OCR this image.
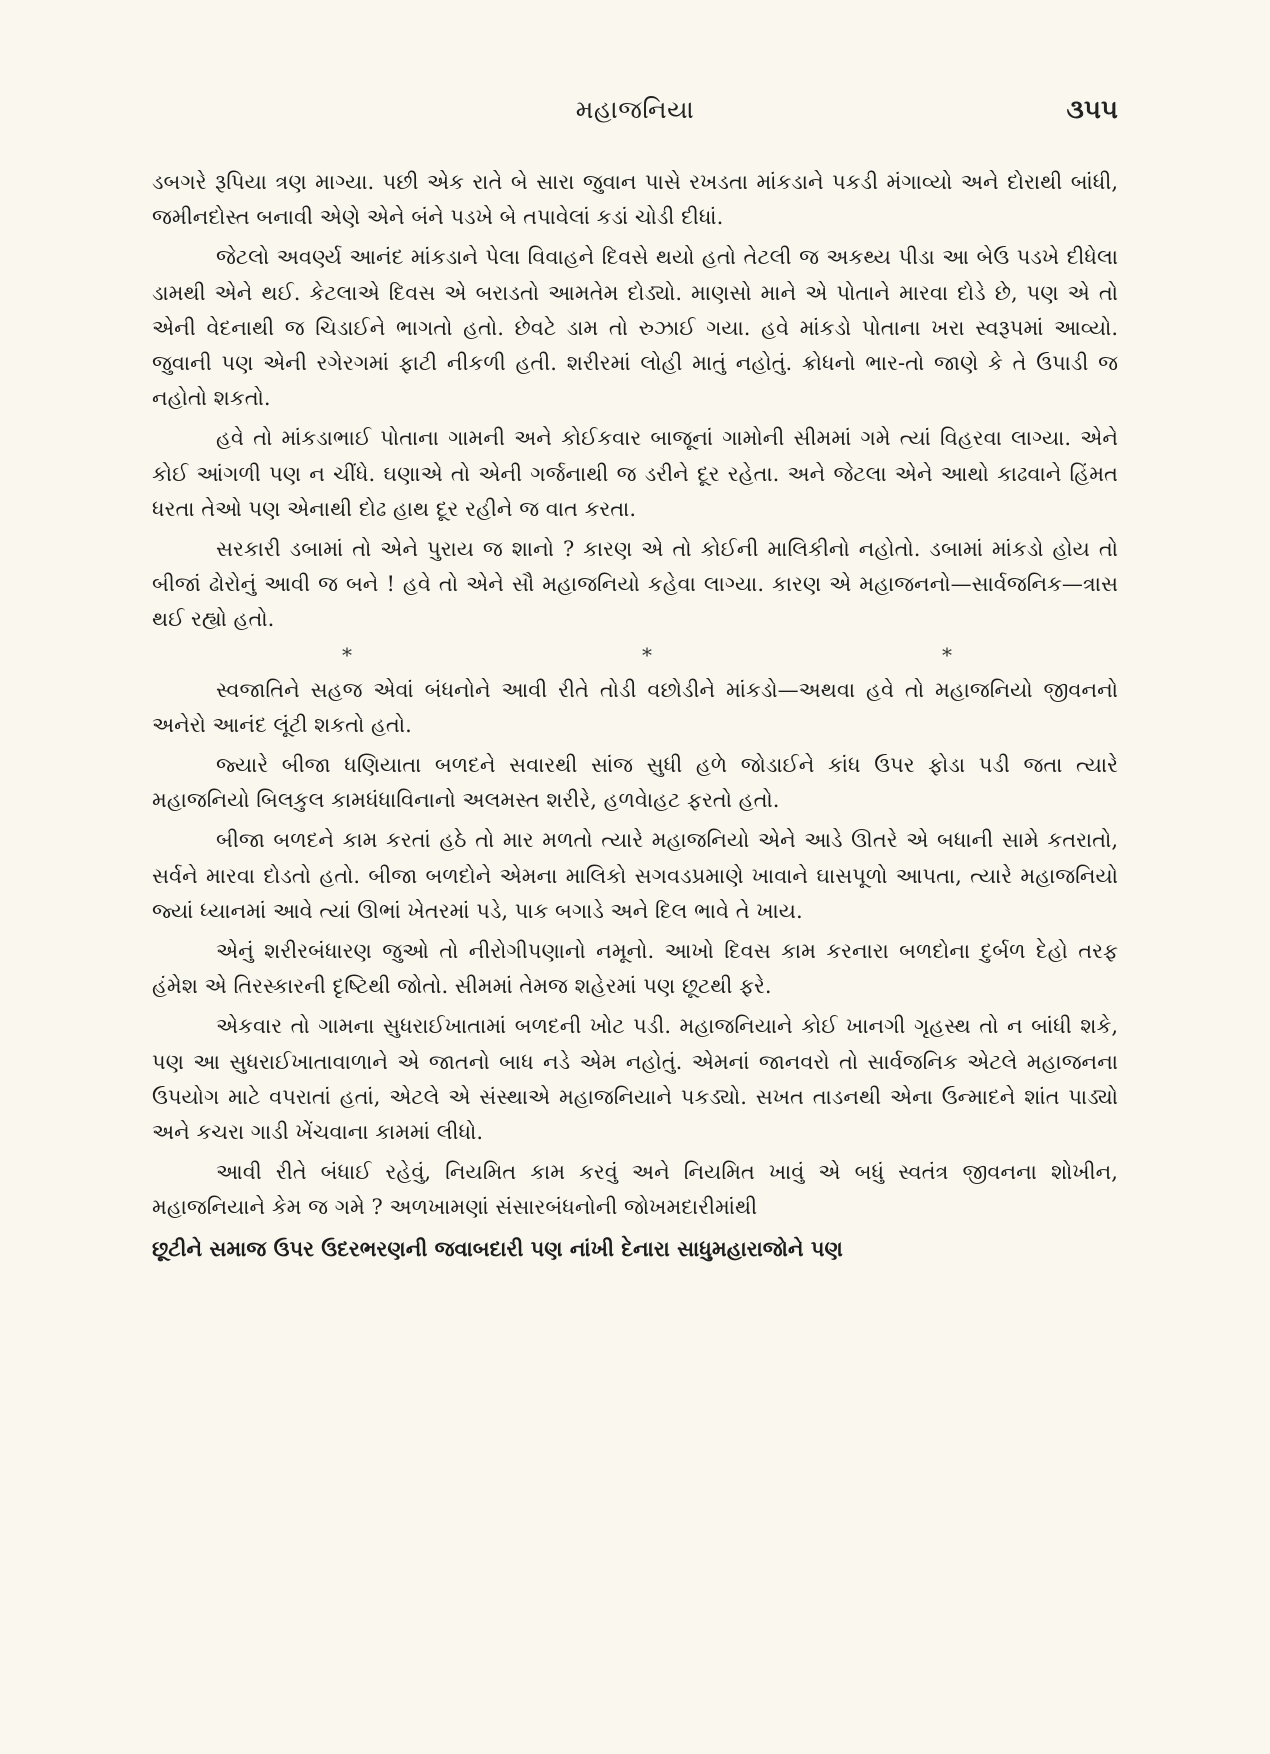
મહાજનિયા	૩૫૫

ડબગરે રૂપિયા ત્રણ માગ્યા. પછી એક રાતે બે સારા જુવાન પાસે રખડતા માંકડાને પકડી મંગાવ્યો અને દોરાથી બાંધી, જમીનદોસ્ત બનાવી એણે એને બંને પડખે બે તપાવેલાં કડાં ચોડી દીધાં.

જેટલો અવર્ણ્ય આનંદ માંકડાને પેલા વિવાહને દિવસે થયો હતો તેટલી જ અકથ્ય પીડા આ બેઉ પડખે દીધેલા ડામથી એને થઈ. કેટલાએ દિવસ એ બરાડતો આમતેમ દોડ્યો. માણસો માને એ પોતાને મારવા દોડે છે, પણ એ તો એની વેદનાથી જ ચિડાઈને ભાગતો હતો. છેવટે ડામ તો રુઝાઈ ગયા. હવે માંકડો પોતાના ખરા સ્વરૂપમાં આવ્યો. જુવાની પણ એની રગેરગમાં ફાટી નીકળી હતી. શરીરમાં લોહી માતું નહોતું. ક્રોધનો ભાર-તો જાણે કે તે ઉપાડી જ નહોતો શકતો.

હવે તો માંકડાભાઈ પોતાના ગામની અને કોઈકવાર બાજૂનાં ગામોની સીમમાં ગમે ત્યાં વિહરવા લાગ્યા. એને કોઈ આંગળી પણ ન ચીંધે. ઘણાએ તો એની ગર્જનાથી જ ડરીને દૂર રહેતા. અને જેટલા એને આથો કાઢવાને હિંમત ધરતા તેઓ પણ એનાથી દોઢ હાથ દૂર રહીને જ વાત કરતા.

સરકારી ડબામાં તો એને પુરાય જ શાનો ? કારણ એ તો કોઈની માલિકીનો નહોતો. ડબામાં માંકડો હોય તો બીજાં ઢોરોનું આવી જ બને ! હવે તો એને સૌ મહાજનિયો કહેવા લાગ્યા. કારણ એ મહાજનનો—સાર્વજનિક—ત્રાસ થઈ રહ્યો હતો.

*	*	*

સ્વજાતિને સહજ એવાં બંધનોને આવી રીતે તોડી વછોડીને માંકડો—અથવા હવે તો મહાજનિયો જીવનનો અનેરો આનંદ લૂંટી શકતો હતો.

જ્યારે બીજા ધણિયાતા બળદને સવારથી સાંજ સુધી હળે જોડાઈને કાંધ ઉપર ફોડા પડી જતા ત્યારે મહાજનિયો બિલકુલ કામધંધાવિનાનો અલમસ્ત શરીરે, હળવેાહટ ફરતો હતો.

બીજા બળદને કામ કરતાં હઠે તો માર મળતો ત્યારે મહાજનિયો એને આડે ઊતરે એ બધાની સામે કતરાતો, સર્વને મારવા દોડતો હતો. બીજા બળદોને એમના માલિકો સગવડપ્રમાણે ખાવાને ઘાસપૂળો આપતા, ત્યારે મહાજનિયો જ્યાં ધ્યાનમાં આવે ત્યાં ઊભાં ખેતરમાં પડે, પાક બગાડે અને દિલ ભાવે તે ખાય.

એનું શરીરબંધારણ જુઓ તો નીરોગીપણાનો નમૂનો. આખો દિવસ કામ કરનારા બળદોના દુર્બળ દેહો તરફ હંમેશ એ તિરસ્કારની દૃષ્ટિથી જોતો. સીમમાં તેમજ શહેરમાં પણ છૂટથી ફરે.

એકવાર તો ગામના સુધરાઈખાતામાં બળદની ખોટ પડી. મહાજનિયાને કોઈ ખાનગી ગૃહસ્થ તો ન બાંધી શકે, પણ આ સુધરાઈખાતાવાળાને એ જાતનો બાધ નડે એમ નહોતું. એમનાં જાનવરો તો સાર્વજનિક એટલે મહાજનના ઉપયોગ માટે વપરાતાં હતાં, એટલે એ સંસ્થાએ મહાજનિયાને પકડ્યો. સખત તાડનથી એના ઉન્માદને શાંત પાડ્યો અને કચરા ગાડી ખેંચવાના કામમાં લીધો.

આવી રીતે બંધાઈ રહેવું, નિયમિત કામ કરવું અને નિયમિત ખાવું એ બધું સ્વતંત્ર જીવનના શોખીન, મહાજનિયાને કેમ જ ગમે ? અળખામણાં સંસારબંધનોની જોખમદારીમાંથી

છૂટીને સમાજ ઉપર ઉદરભરણની જવાબદારી પણ નાંખી દેનારા સાધુમહારાજોને પણ
